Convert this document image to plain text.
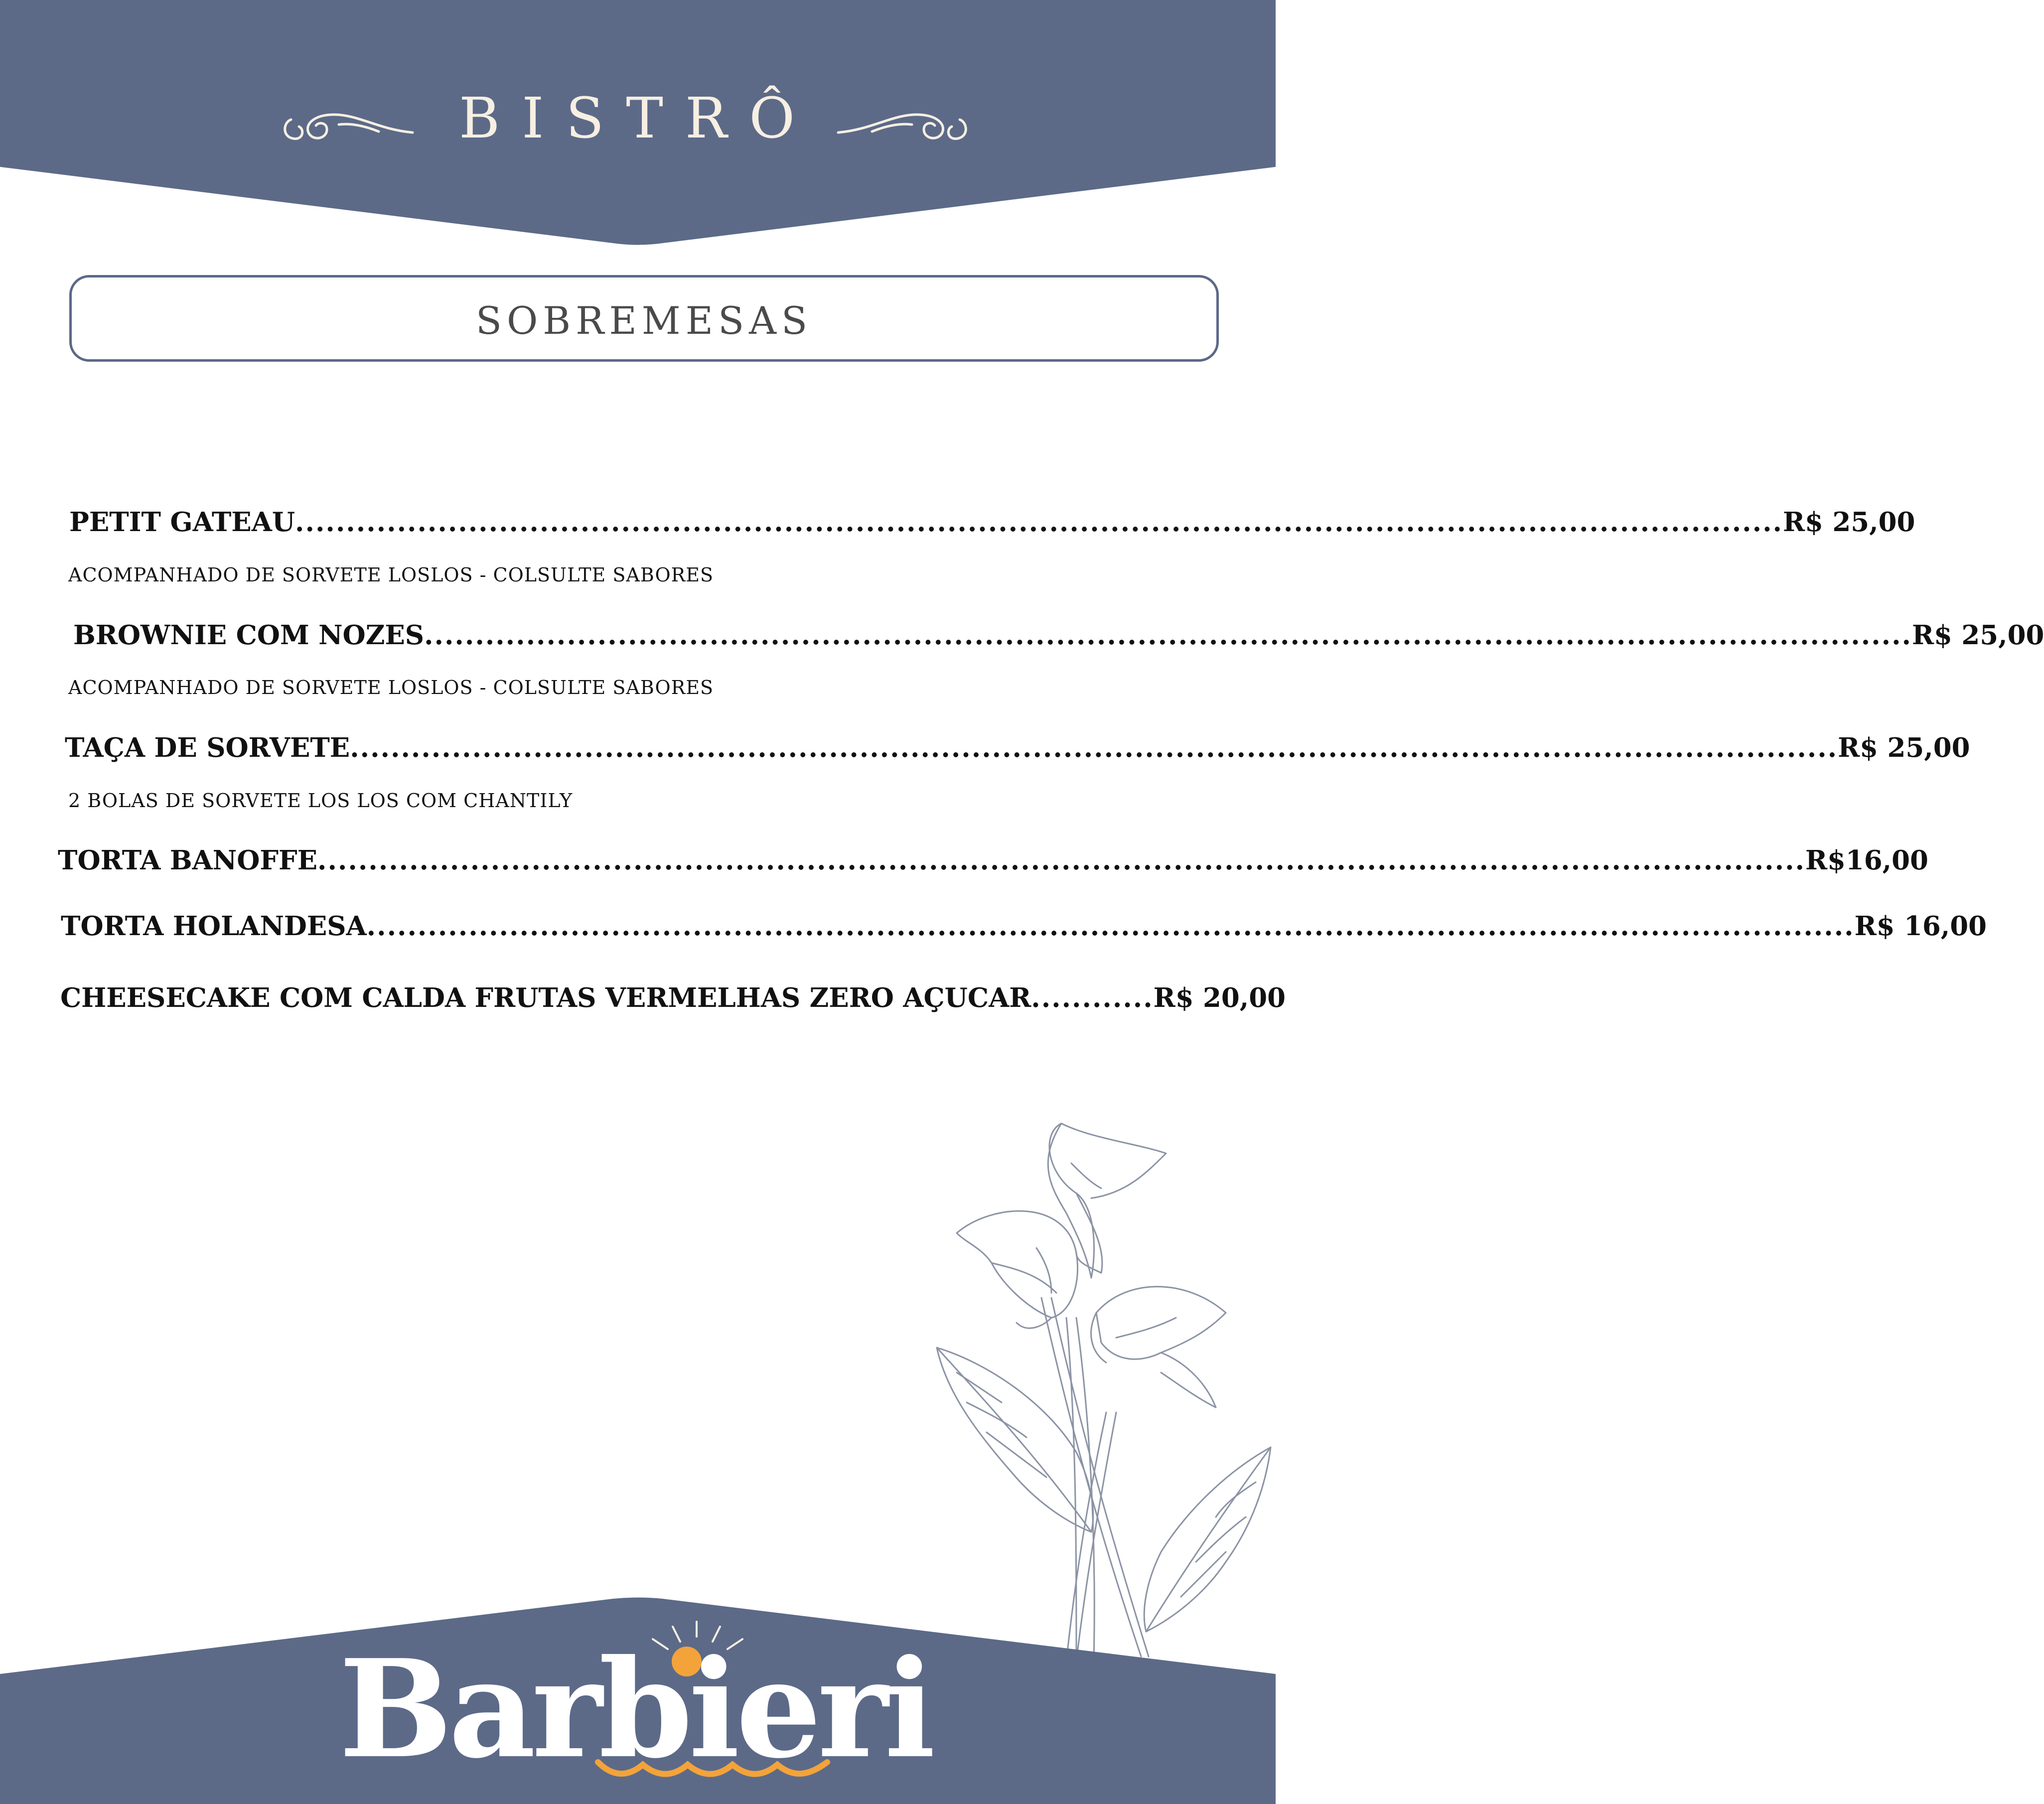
BISTRÔ
SOBREMESAS
PETIT GATEAU .................................................................................................................................................. R$ 25,00
ACOMPANHADO DE SORVETE LOSLOS - COLSULTE SABORES
BROWNIE COM NOZES .................................................................................................................................................. R$ 25,00
ACOMPANHADO DE SORVETE LOSLOS - COLSULTE SABORES
TAÇA DE SORVETE .................................................................................................................................................. R$ 25,00
2 BOLAS DE SORVETE LOS LOS COM CHANTILY
TORTA BANOFFE .................................................................................................................................................. R$16,00
TORTA HOLANDESA .................................................................................................................................................. R$ 16,00
CHEESECAKE COM CALDA FRUTAS VERMELHAS ZERO AÇUCAR ............ R$ 20,00
Barbieri
